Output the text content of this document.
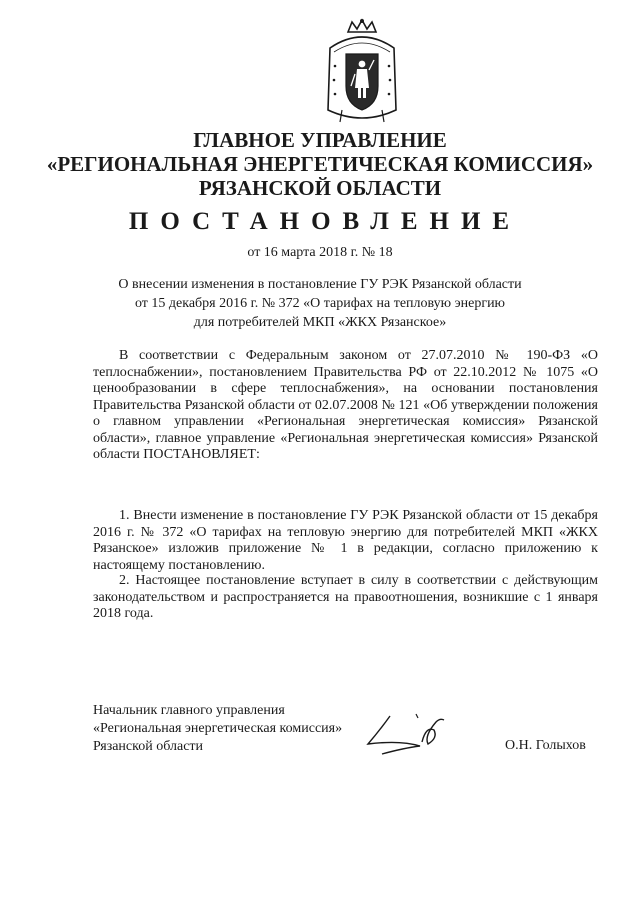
ГЛАВНОЕ УПРАВЛЕНИЕ
«РЕГИОНАЛЬНАЯ ЭНЕРГЕТИЧЕСКАЯ КОМИССИЯ»
РЯЗАНСКОЙ ОБЛАСТИ
ПОСТАНОВЛЕНИЕ
от 16 марта 2018 г. № 18
О внесении изменения в постановление ГУ РЭК Рязанской области
от 15 декабря 2016 г. № 372 «О тарифах на тепловую энергию
для потребителей МКП «ЖКХ Рязанское»
В соответствии с Федеральным законом от 27.07.2010 № 190-ФЗ «О теплоснабжении», постановлением Правительства РФ от 22.10.2012 № 1075 «О ценообразовании в сфере теплоснабжения», на основании постановления Правительства Рязанской области от 02.07.2008 № 121 «Об утверждении положения о главном управлении «Региональная энергетическая комиссия» Рязанской области», главное управление «Региональная энергетическая комиссия» Рязанской области ПОСТАНОВЛЯЕТ:
1. Внести изменение в постановление ГУ РЭК Рязанской области от 15 декабря 2016 г. № 372 «О тарифах на тепловую энергию для потребителей МКП «ЖКХ Рязанское» изложив приложение № 1 в редакции, согласно приложению к настоящему постановлению.
2. Настоящее постановление вступает в силу в соответствии с действующим законодательством и распространяется на правоотношения, возникшие с 1 января 2018 года.
Начальник главного управления
«Региональная энергетическая комиссия»
Рязанской области	О.Н. Голыхов
